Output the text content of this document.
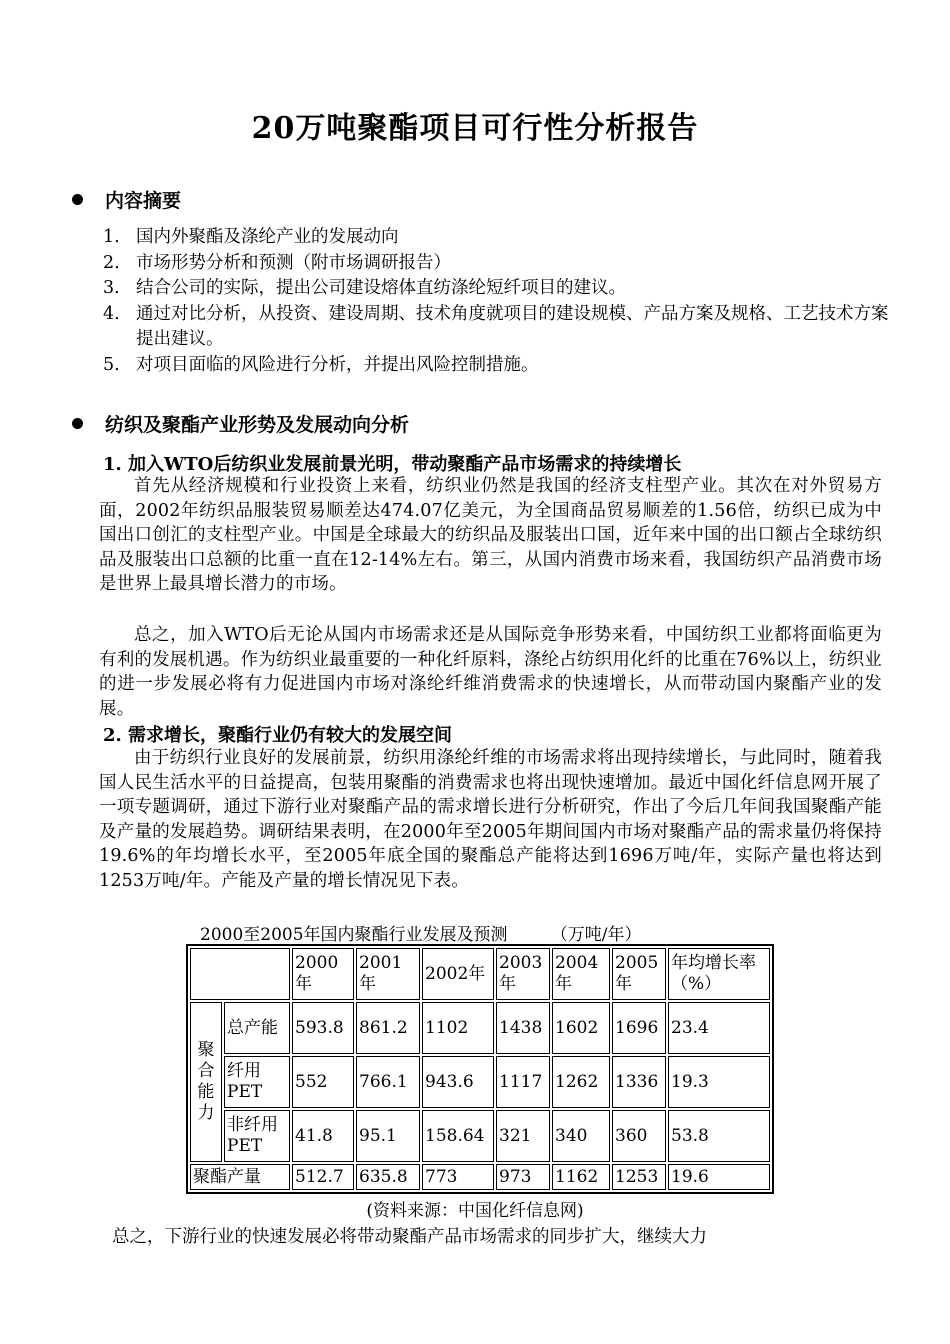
20万吨聚酯项目可行性分析报告
内容摘要
1. 国内外聚酯及涤纶产业的发展动向
2. 市场形势分析和预测（附市场调研报告）
3. 结合公司的实际，提出公司建设熔体直纺涤纶短纤项目的建议。
4. 通过对比分析，从投资、建设周期、技术角度就项目的建设规模、产品方案及规格、工艺技术方案提出建议。
5. 对项目面临的风险进行分析，并提出风险控制措施。
纺织及聚酯产业形势及发展动向分析
1. 加入WTO后纺织业发展前景光明，带动聚酯产品市场需求的持续增长
首先从经济规模和行业投资上来看，纺织业仍然是我国的经济支柱型产业。其次在对外贸易方面，2002年纺织品服装贸易顺差达474.07亿美元，为全国商品贸易顺差的1.56倍，纺织已成为中国出口创汇的支柱型产业。中国是全球最大的纺织品及服装出口国，近年来中国的出口额占全球纺织品及服装出口总额的比重一直在12-14%左右。第三，从国内消费市场来看，我国纺织产品消费市场是世界上最具增长潜力的市场。
总之，加入WTO后无论从国内市场需求还是从国际竞争形势来看，中国纺织工业都将面临更为有利的发展机遇。作为纺织业最重要的一种化纤原料，涤纶占纺织用化纤的比重在76%以上，纺织业的进一步发展必将有力促进国内市场对涤纶纤维消费需求的快速增长，从而带动国内聚酯产业的发展。
2. 需求增长，聚酯行业仍有较大的发展空间
由于纺织行业良好的发展前景，纺织用涤纶纤维的市场需求将出现持续增长，与此同时，随着我国人民生活水平的日益提高，包装用聚酯的消费需求也将出现快速增加。最近中国化纤信息网开展了一项专题调研，通过下游行业对聚酯产品的需求增长进行分析研究，作出了今后几年间我国聚酯产能及产量的发展趋势。调研结果表明，在2000年至2005年期间国内市场对聚酯产品的需求量仍将保持19.6%的年均增长水平，至2005年底全国的聚酯总产能将达到1696万吨/年，实际产量也将达到1253万吨/年。产能及产量的增长情况见下表。
2000至2005年国内聚酯行业发展及预测	（万吨/年）
		2000年	2001年	2002年	2003年	2004年	2005年	年均增长率（%）
聚合能力	总产能	593.8	861.2	1102	1438	1602	1696	23.4
	纤用PET	552	766.1	943.6	1117	1262	1336	19.3
	非纤用PET	41.8	95.1	158.64	321	340	360	53.8
聚酯产量		512.7	635.8	773	973	1162	1253	19.6
(资料来源：中国化纤信息网)
总之，下游行业的快速发展必将带动聚酯产品市场需求的同步扩大，继续大力
